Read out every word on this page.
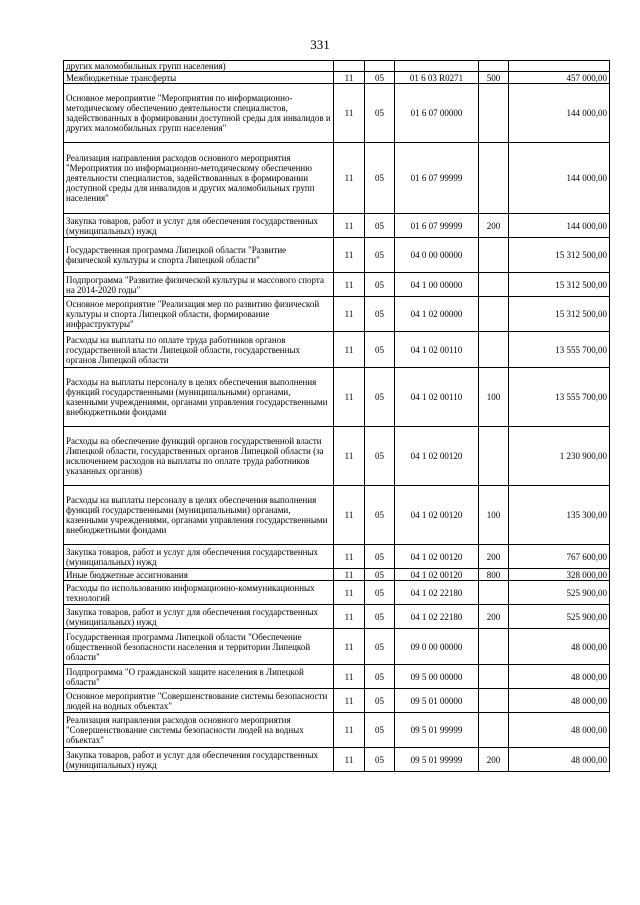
331
других маломобильных групп населения)					
Межбюджетные трансферты	11	05	01 6 03 R0271	500	457 000,00
Основное мероприятие "Мероприятия по информационно-методическому обеспечению деятельности специалистов, задействованных в формировании доступной среды для инвалидов и других маломобильных групп населения"	11	05	01 6 07 00000		144 000,00
Реализация направления расходов основного мероприятия "Мероприятия по информационно-методическому обеспечению деятельности специалистов, задействованных в формировании доступной среды для инвалидов и других маломобильных групп населения"	11	05	01 6 07 99999		144 000,00
Закупка товаров, работ и услуг для обеспечения государственных (муниципальных) нужд	11	05	01 6 07 99999	200	144 000,00
Государственная программа Липецкой области "Развитие физической культуры и спорта Липецкой области"	11	05	04 0 00 00000		15 312 500,00
Подпрограмма "Развитие физической культуры и массового спорта на 2014-2020 годы"	11	05	04 1 00 00000		15 312 500,00
Основное мероприятие "Реализация мер по развитию физической культуры и спорта Липецкой области, формирование инфраструктуры"	11	05	04 1 02 00000		15 312 500,00
Расходы на выплаты по оплате труда работников органов государственной власти Липецкой области, государственных органов Липецкой области	11	05	04 1 02 00110		13 555 700,00
Расходы на выплаты персоналу в целях обеспечения выполнения функций государственными (муниципальными) органами, казенными учреждениями, органами управления государственными внебюджетными фондами	11	05	04 1 02 00110	100	13 555 700,00
Расходы на обеспечение функций органов государственной власти Липецкой области, государственных органов Липецкой области (за исключением расходов на выплаты по оплате труда работников указанных органов)	11	05	04 1 02 00120		1 230 900,00
Расходы на выплаты персоналу в целях обеспечения выполнения функций государственными (муниципальными) органами, казенными учреждениями, органами управления государственными внебюджетными фондами	11	05	04 1 02 00120	100	135 300,00
Закупка товаров, работ и услуг для обеспечения государственных (муниципальных) нужд	11	05	04 1 02 00120	200	767 600,00
Иные бюджетные ассигнования	11	05	04 1 02 00120	800	328 000,00
Расходы по использованию информационно-коммуникационных технологий	11	05	04 1 02 22180		525 900,00
Закупка товаров, работ и услуг для обеспечения государственных (муниципальных) нужд	11	05	04 1 02 22180	200	525 900,00
Государственная программа Липецкой области "Обеспечение общественной безопасности населения и территории Липецкой области"	11	05	09 0 00 00000		48 000,00
Подпрограмма "О гражданской защите населения в Липецкой области"	11	05	09 5 00 00000		48 000,00
Основное мероприятие "Совершенствование системы безопасности людей на водных объектах"	11	05	09 5 01 00000		48 000,00
Реализация направления расходов основного мероприятия "Совершенствование системы безопасности людей на водных объектах"	11	05	09 5 01 99999		48 000,00
Закупка товаров, работ и услуг для обеспечения государственных (муниципальных) нужд	11	05	09 5 01 99999	200	48 000,00
